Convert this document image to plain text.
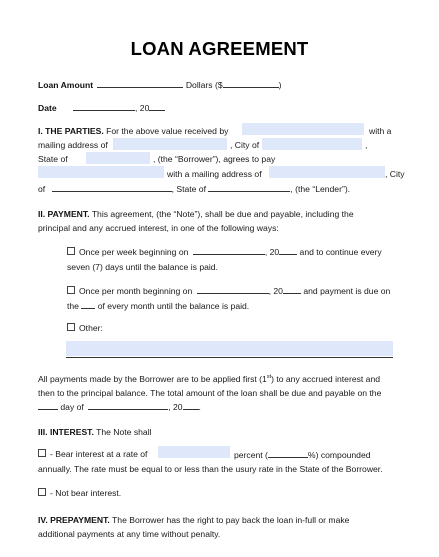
LOAN AGREEMENT
Loan Amount	Dollars ($	)
Date	, 20
I. THE PARTIES. For the above value received by	with a
mailing address of	, City of	,
State of	, (the “Borrower”), agrees to pay
with a mailing address of	, City
of	, State of	, (the “Lender”).
II. PAYMENT. This agreement, (the “Note”), shall be due and payable, including the
principal and any accrued interest, in one of the following ways:
Once per week beginning on	, 20 and to continue every
seven (7) days until the balance is paid.
Once per month beginning on	, 20 and payment is due on
the of every month until the balance is paid.
Other:
All payments made by the Borrower are to be applied first (1st) to any accrued interest and
then to the principal balance. The total amount of the loan shall be due and payable on the
day of	, 20 .
III. INTEREST. The Note shall
- Bear interest at a rate of	percent (	%) compounded
annually. The rate must be equal to or less than the usury rate in the State of the Borrower.
- Not bear interest.
IV. PREPAYMENT. The Borrower has the right to pay back the loan in-full or make
additional payments at any time without penalty.
